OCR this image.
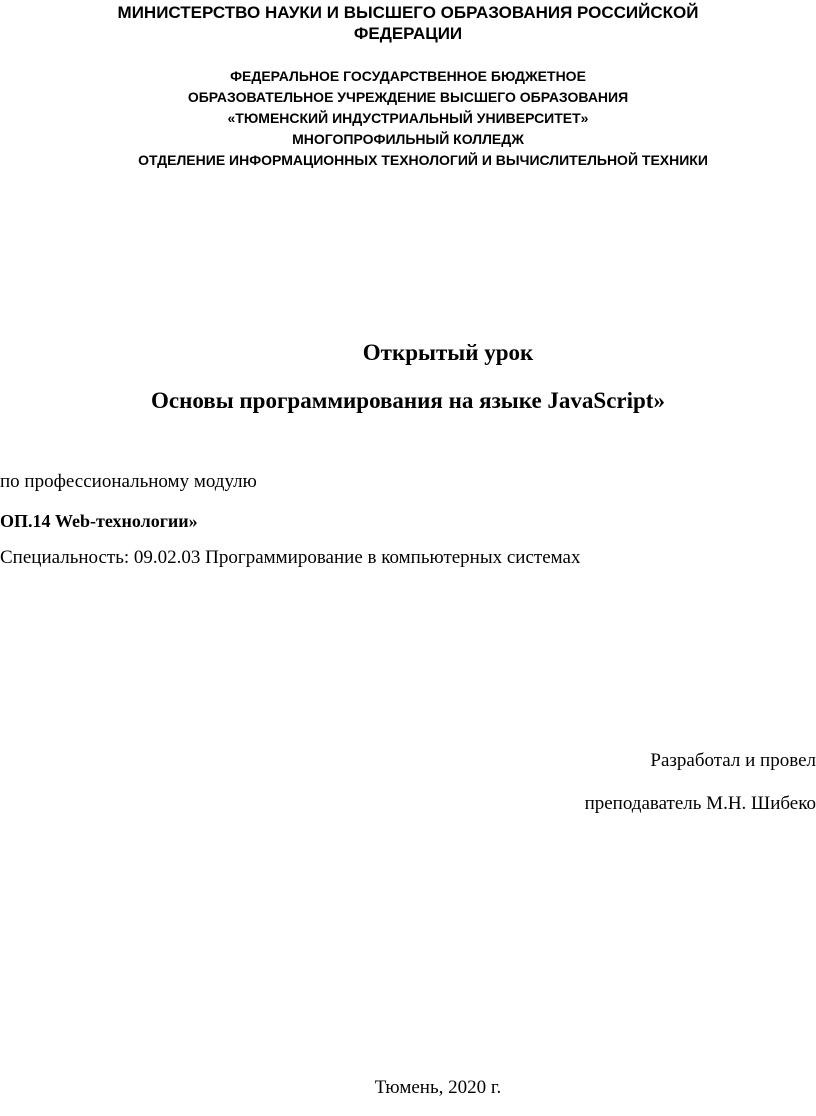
МИНИСТЕРСТВО НАУКИ И ВЫСШЕГО ОБРАЗОВАНИЯ РОССИЙСКОЙ
ФЕДЕРАЦИИ
ФЕДЕРАЛЬНОЕ ГОСУДАРСТВЕННОЕ БЮДЖЕТНОЕ
ОБРАЗОВАТЕЛЬНОЕ УЧРЕЖДЕНИЕ ВЫСШЕГО ОБРАЗОВАНИЯ
«ТЮМЕНСКИЙ ИНДУСТРИАЛЬНЫЙ УНИВЕРСИТЕТ»
МНОГОПРОФИЛЬНЫЙ КОЛЛЕДЖ
ОТДЕЛЕНИЕ ИНФОРМАЦИОННЫХ ТЕХНОЛОГИЙ И ВЫЧИСЛИТЕЛЬНОЙ ТЕХНИКИ
Открытый урок
Основы программирования на языке JavaScript»
по профессиональному модулю
ОП.14 Web-технологии»
Специальность: 09.02.03 Программирование в компьютерных системах
Разработал и провел
преподаватель М.Н. Шибеко
Тюмень, 2020 г.
